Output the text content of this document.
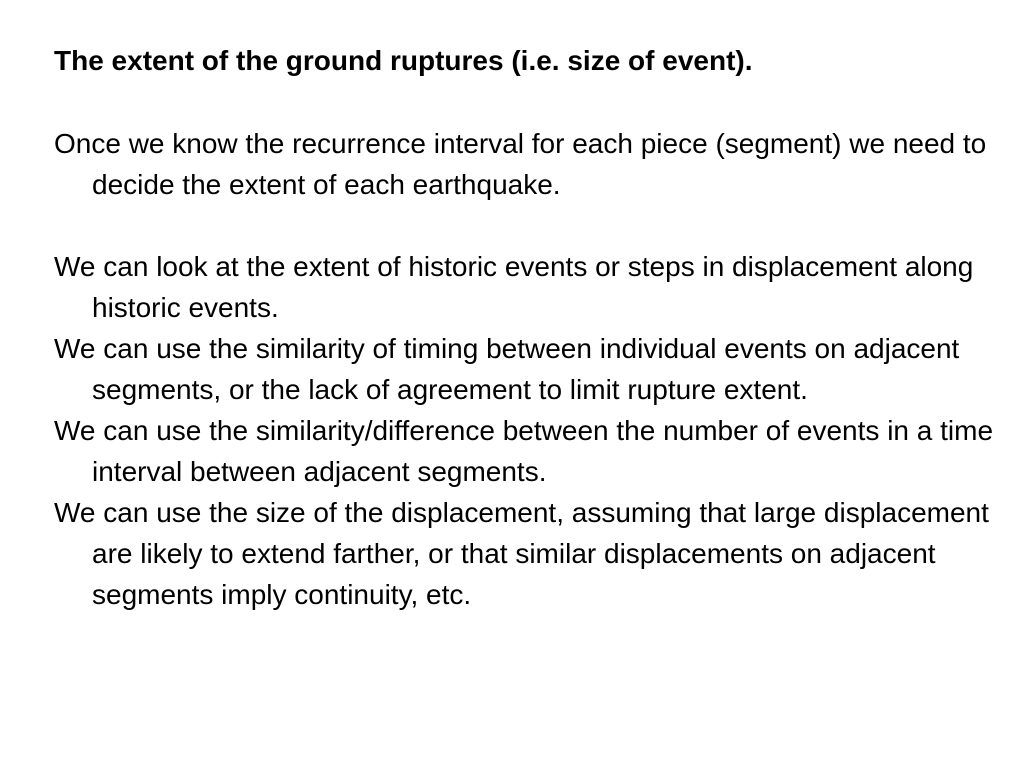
The extent of the ground ruptures (i.e. size of event).

Once we know the recurrence interval for each piece (segment) we need to decide the extent of each earthquake.

We can look at the extent of historic events or steps in displacement along historic events.

We can use the similarity of timing between individual events on adjacent segments, or the lack of agreement to limit rupture extent.

We can use the similarity/difference between the number of events in a time interval between adjacent segments.

We can use the size of the displacement, assuming that large displacement are likely to extend farther, or that similar displacements on adjacent segments imply continuity, etc.
